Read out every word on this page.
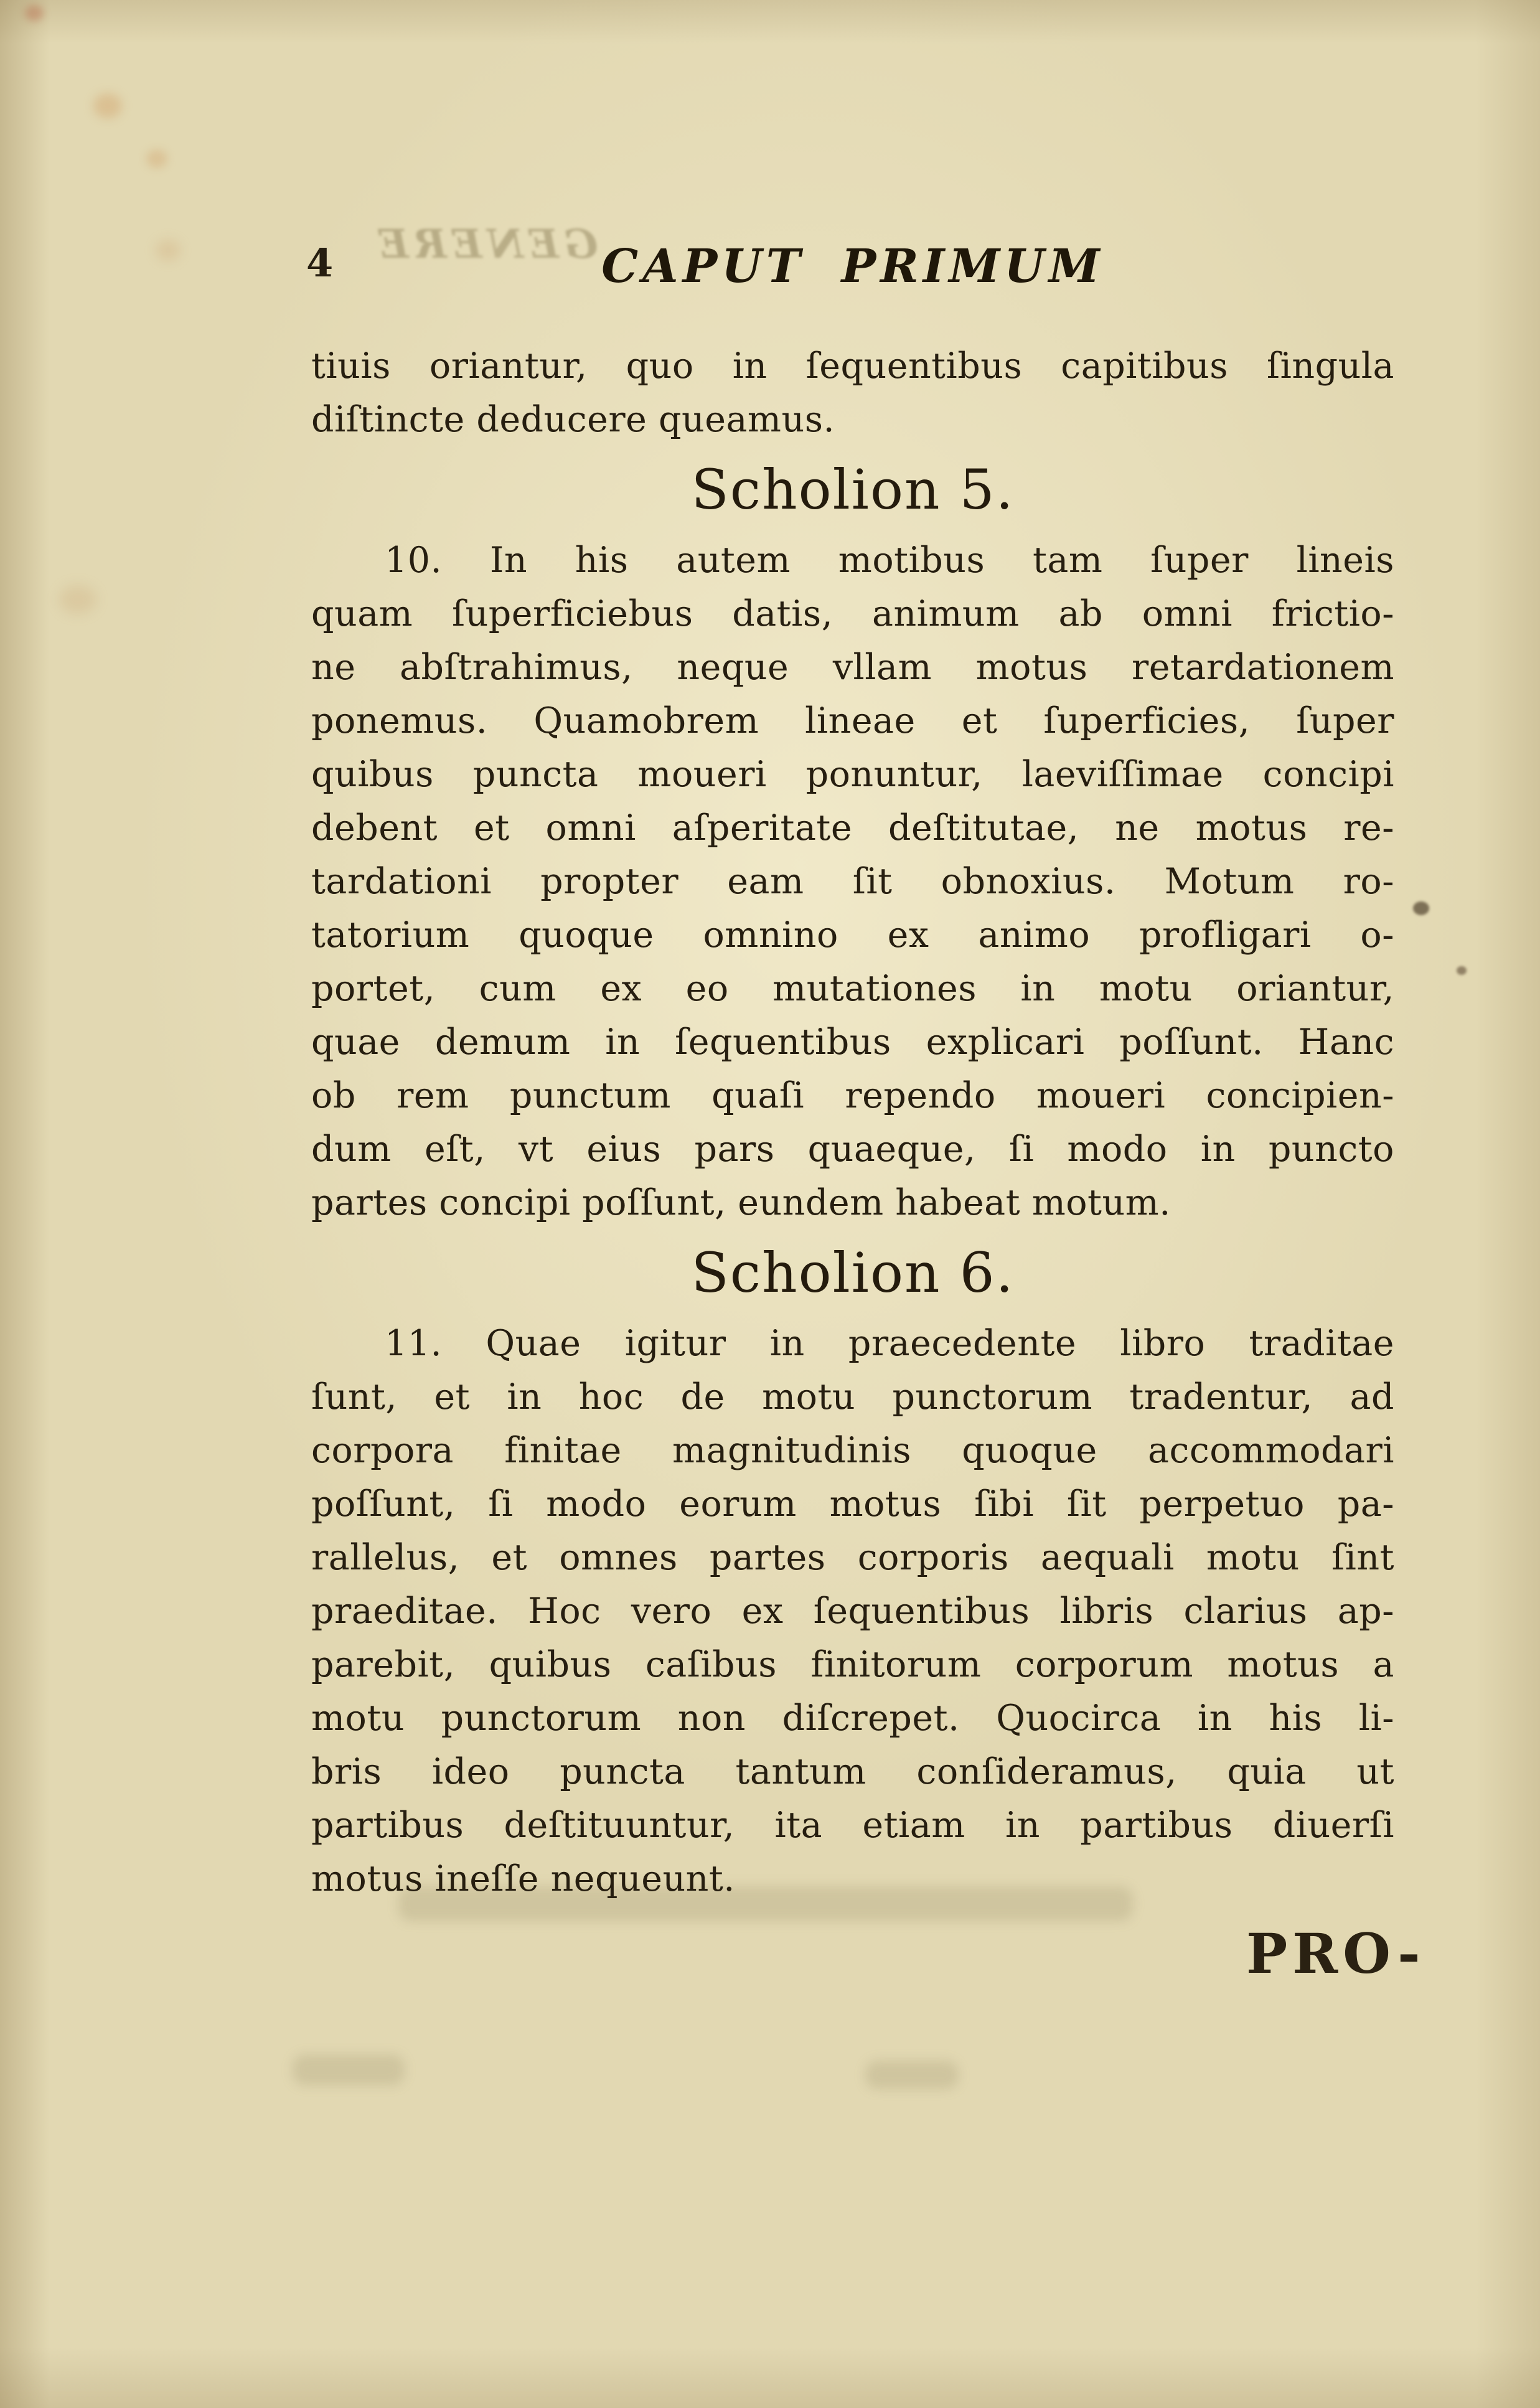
GENERE
4	CAPUT PRIMUM
tiuis oriantur, quo in ſequentibus capitibus ſingula
diſtincte deducere queamus.
Scholion 5.
10. In his autem motibus tam ſuper lineis
quam ſuperficiebus datis, animum ab omni frictio-
ne abſtrahimus, neque vllam motus retardationem
ponemus. Quamobrem lineae et ſuperficies, ſuper
quibus puncta moueri ponuntur, laeviſſimae concipi
debent et omni aſperitate deſtitutae, ne motus re-
tardationi propter eam ſit obnoxius. Motum ro-
tatorium quoque omnino ex animo profligari o-
portet, cum ex eo mutationes in motu oriantur,
quae demum in ſequentibus explicari poſſunt. Hanc
ob rem punctum quaſi rependo moueri concipien-
dum eſt, vt eius pars quaeque, ſi modo in puncto
partes concipi poſſunt, eundem habeat motum.
Scholion 6.
11. Quae igitur in praecedente libro traditae
ſunt, et in hoc de motu punctorum tradentur, ad
corpora finitae magnitudinis quoque accommodari
poſſunt, ſi modo eorum motus ſibi ſit perpetuo pa-
rallelus, et omnes partes corporis aequali motu ſint
praeditae. Hoc vero ex ſequentibus libris clarius ap-
parebit, quibus caſibus finitorum corporum motus a
motu punctorum non diſcrepet. Quocirca in his li-
bris ideo puncta tantum conſideramus, quia ut
partibus deſtituuntur, ita etiam in partibus diuerſi
motus ineſſe nequeunt.
PRO-
